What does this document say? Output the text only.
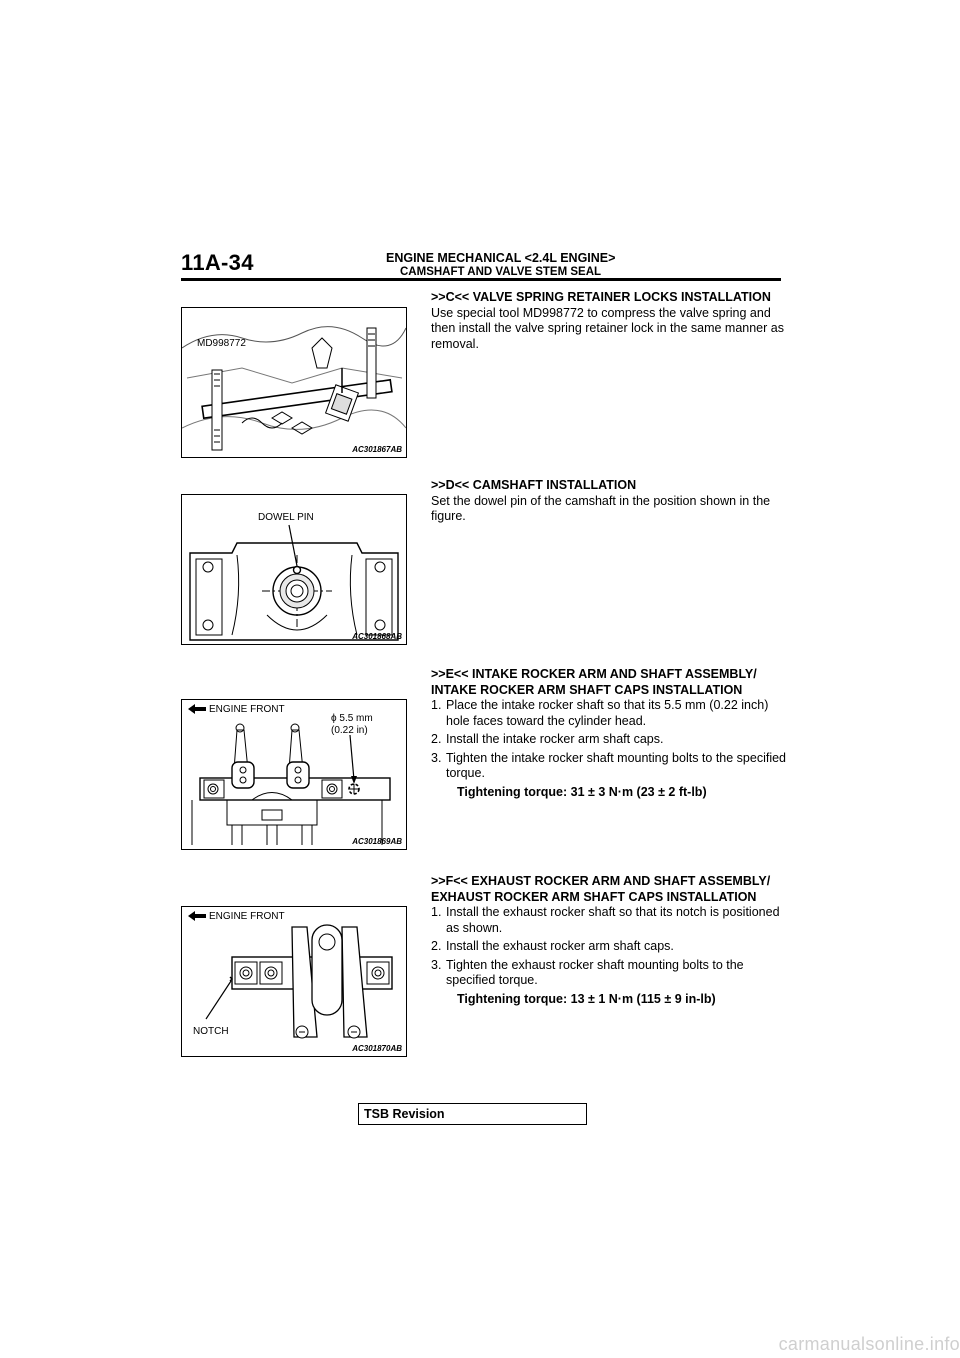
11A-34	ENGINE MECHANICAL <2.4L ENGINE>
CAMSHAFT AND VALVE STEM SEAL
MD998772
AC301867AB
DOWEL PIN
AC301868AB
ENGINE FRONT
ϕ 5.5 mm
(0.22 in)
AC301869AB
ENGINE FRONT
NOTCH
AC301870AB
>>C<< VALVE SPRING RETAINER LOCKS INSTALLATION

Use special tool MD998772 to compress the valve spring and then install the valve spring retainer lock in the same manner as removal.

>>D<< CAMSHAFT INSTALLATION

Set the dowel pin of the camshaft in the position shown in the figure.

>>E<< INTAKE ROCKER ARM AND SHAFT ASSEMBLY/
INTAKE ROCKER ARM SHAFT CAPS INSTALLATION
1. Place the intake rocker shaft so that its 5.5 mm (0.22 inch) hole faces toward the cylinder head.
2. Install the intake rocker arm shaft caps.
3. Tighten the intake rocker shaft mounting bolts to the specified torque.
Tightening torque: 31 ± 3 N·m (23 ± 2 ft-lb)
>>F<< EXHAUST ROCKER ARM AND SHAFT ASSEMBLY/
EXHAUST ROCKER ARM SHAFT CAPS INSTALLATION
1. Install the exhaust rocker shaft so that its notch is positioned as shown.
2. Install the exhaust rocker arm shaft caps.
3. Tighten the exhaust rocker shaft mounting bolts to the specified torque.
Tightening torque: 13 ± 1 N·m (115 ± 9 in-lb)
TSB Revision
carmanualsonline.info
